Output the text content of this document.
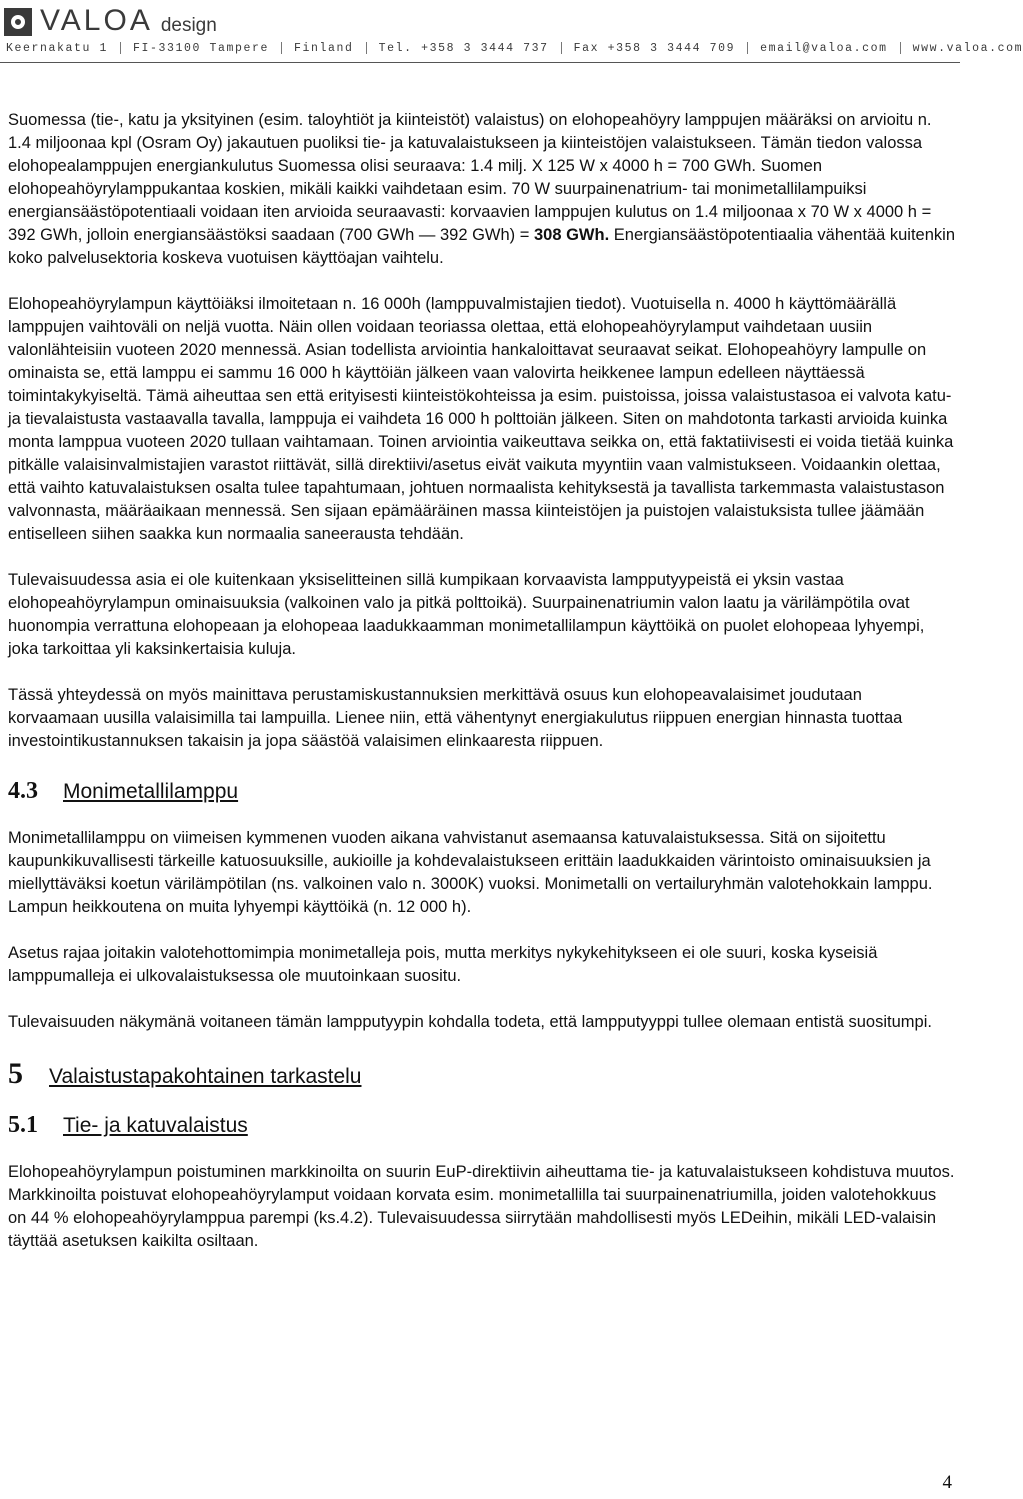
VALOA design
Keernakatu 1 FI-33100 Tampere Finland Tel. +358 3 3444 737 Fax +358 3 3444 709 email@valoa.com www.valoa.com

Suomessa (tie-, katu ja yksityinen (esim. taloyhtiöt ja kiinteistöt) valaistus) on elohopeahöyry lamppujen määräksi on arvioitu n. 1.4 miljoonaa kpl (Osram Oy) jakautuen puoliksi tie- ja katuvalaistukseen ja kiinteistöjen valaistukseen. Tämän tiedon valossa elohopealamppujen energiankulutus Suomessa olisi seuraava: 1.4 milj. X 125 W x 4000 h = 700 GWh. Suomen elohopeahöyrylamppukantaa koskien, mikäli kaikki vaihdetaan esim. 70 W suurpainenatrium- tai monimetallilampuiksi energiansäästöpotentiaali voidaan iten arvioida seuraavasti: korvaavien lamppujen kulutus on 1.4 miljoonaa x 70 W x 4000 h = 392 GWh, jolloin energiansäästöksi saadaan (700 GWh — 392 GWh) = 308 GWh. Energiansäästöpotentiaalia vähentää kuitenkin koko palvelusektoria koskeva vuotuisen käyttöajan vaihtelu.

Elohopeahöyrylampun käyttöiäksi ilmoitetaan n. 16 000h (lamppuvalmistajien tiedot). Vuotuisella n. 4000 h käyttömäärällä lamppujen vaihtoväli on neljä vuotta. Näin ollen voidaan teoriassa olettaa, että elohopeahöyrylamput vaihdetaan uusiin valonlähteisiin vuoteen 2020 mennessä. Asian todellista arviointia hankaloittavat seuraavat seikat. Elohopeahöyry lampulle on ominaista se, että lamppu ei sammu 16 000 h käyttöiän jälkeen vaan valovirta heikkenee lampun edelleen näyttäessä toimintakykyiseltä. Tämä aiheuttaa sen että erityisesti kiinteistökohteissa ja esim. puistoissa, joissa valaistustasoa ei valvota katu- ja tievalaistusta vastaavalla tavalla, lamppuja ei vaihdeta 16 000 h polttoiän jälkeen. Siten on mahdotonta tarkasti arvioida kuinka monta lamppua vuoteen 2020 tullaan vaihtamaan. Toinen arviointia vaikeuttava seikka on, että faktatiivisesti ei voida tietää kuinka pitkälle valaisinvalmistajien varastot riittävät, sillä direktiivi/asetus eivät vaikuta myyntiin vaan valmistukseen. Voidaankin olettaa, että vaihto katuvalaistuksen osalta tulee tapahtumaan, johtuen normaalista kehityksestä ja tavallista tarkemmasta valaistustason valvonnasta, määräaikaan mennessä. Sen sijaan epämääräinen massa kiinteistöjen ja puistojen valaistuksista tullee jäämään entiselleen siihen saakka kun normaalia saneerausta tehdään.

Tulevaisuudessa asia ei ole kuitenkaan yksiselitteinen sillä kumpikaan korvaavista lampputyypeistä ei yksin vastaa elohopeahöyrylampun ominaisuuksia (valkoinen valo ja pitkä polttoikä). Suurpainenatriumin valon laatu ja värilämpötila ovat huonompia verrattuna elohopeaan ja elohopeaa laadukkaamman monimetallilampun käyttöikä on puolet elohopeaa lyhyempi, joka tarkoittaa yli kaksinkertaisia kuluja.

Tässä yhteydessä on myös mainittava perustamiskustannuksien merkittävä osuus kun elohopeavalaisimet joudutaan korvaamaan uusilla valaisimilla tai lampuilla. Lienee niin, että vähentynyt energiakulutus riippuen energian hinnasta tuottaa investointikustannuksen takaisin ja jopa säästöä valaisimen elinkaaresta riippuen.

4.3	Monimetallilamppu

Monimetallilamppu on viimeisen kymmenen vuoden aikana vahvistanut asemaansa katuvalaistuksessa. Sitä on sijoitettu kaupunkikuvallisesti tärkeille katuosuuksille, aukioille ja kohdevalaistukseen erittäin laadukkaiden värintoisto ominaisuuksien ja miellyttäväksi koetun värilämpötilan (ns. valkoinen valo n. 3000K) vuoksi. Monimetalli on vertailuryhmän valotehokkain lamppu. Lampun heikkoutena on muita lyhyempi käyttöikä (n. 12 000 h).

Asetus rajaa joitakin valotehottomimpia monimetalleja pois, mutta merkitys nykykehitykseen ei ole suuri, koska kyseisiä lamppumalleja ei ulkovalaistuksessa ole muutoinkaan suositu.

Tulevaisuuden näkymänä voitaneen tämän lampputyypin kohdalla todeta, että lampputyyppi tullee olemaan entistä suositumpi.

5	Valaistustapakohtainen tarkastelu
5.1	Tie- ja katuvalaistus

Elohopeahöyrylampun poistuminen markkinoilta on suurin EuP-direktiivin aiheuttama tie- ja katuvalaistukseen kohdistuva muutos. Markkinoilta poistuvat elohopeahöyrylamput voidaan korvata esim. monimetallilla tai suurpainenatriumilla, joiden valotehokkuus on 44 % elohopeahöyrylamppua parempi (ks.4.2). Tulevaisuudessa siirrytään mahdollisesti myös LEDeihin, mikäli LED-valaisin täyttää asetuksen kaikilta osiltaan.

4
